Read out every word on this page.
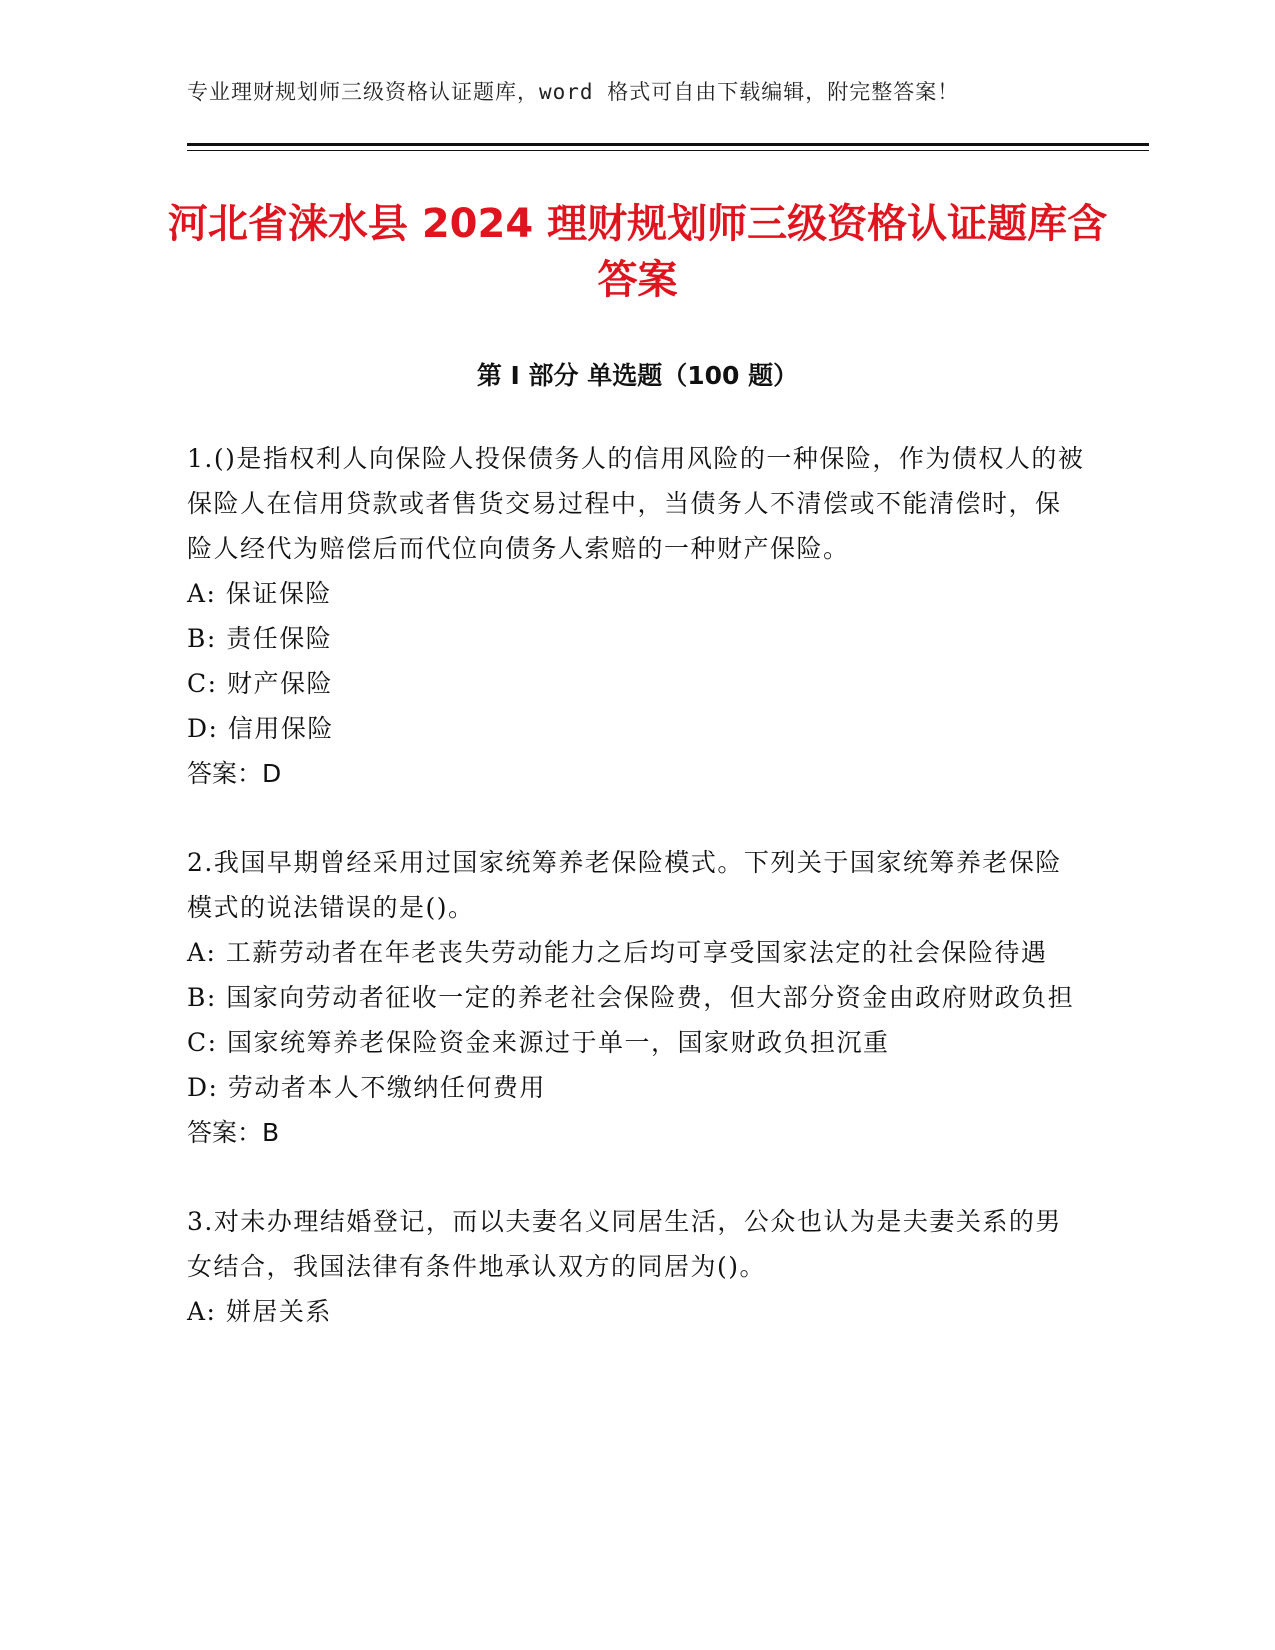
专业理财规划师三级资格认证题库，word 格式可自由下载编辑，附完整答案！
河北省涞水县 2024 理财规划师三级资格认证题库含答案
第 I 部分 单选题（100 题）

1.()是指权利人向保险人投保债务人的信用风险的一种保险，作为债权人的被保险人在信用贷款或者售货交易过程中，当债务人不清偿或不能清偿时，保险人经代为赔偿后而代位向债务人索赔的一种财产保险。

A: 保证保险

B: 责任保险

C: 财产保险

D: 信用保险

答案：D

2.我国早期曾经采用过国家统筹养老保险模式。下列关于国家统筹养老保险模式的说法错误的是()。

A: 工薪劳动者在年老丧失劳动能力之后均可享受国家法定的社会保险待遇

B: 国家向劳动者征收一定的养老社会保险费，但大部分资金由政府财政负担

C: 国家统筹养老保险资金来源过于单一，国家财政负担沉重

D: 劳动者本人不缴纳任何费用

答案：B

3.对未办理结婚登记，而以夫妻名义同居生活，公众也认为是夫妻关系的男女结合，我国法律有条件地承认双方的同居为()。

A: 姘居关系
